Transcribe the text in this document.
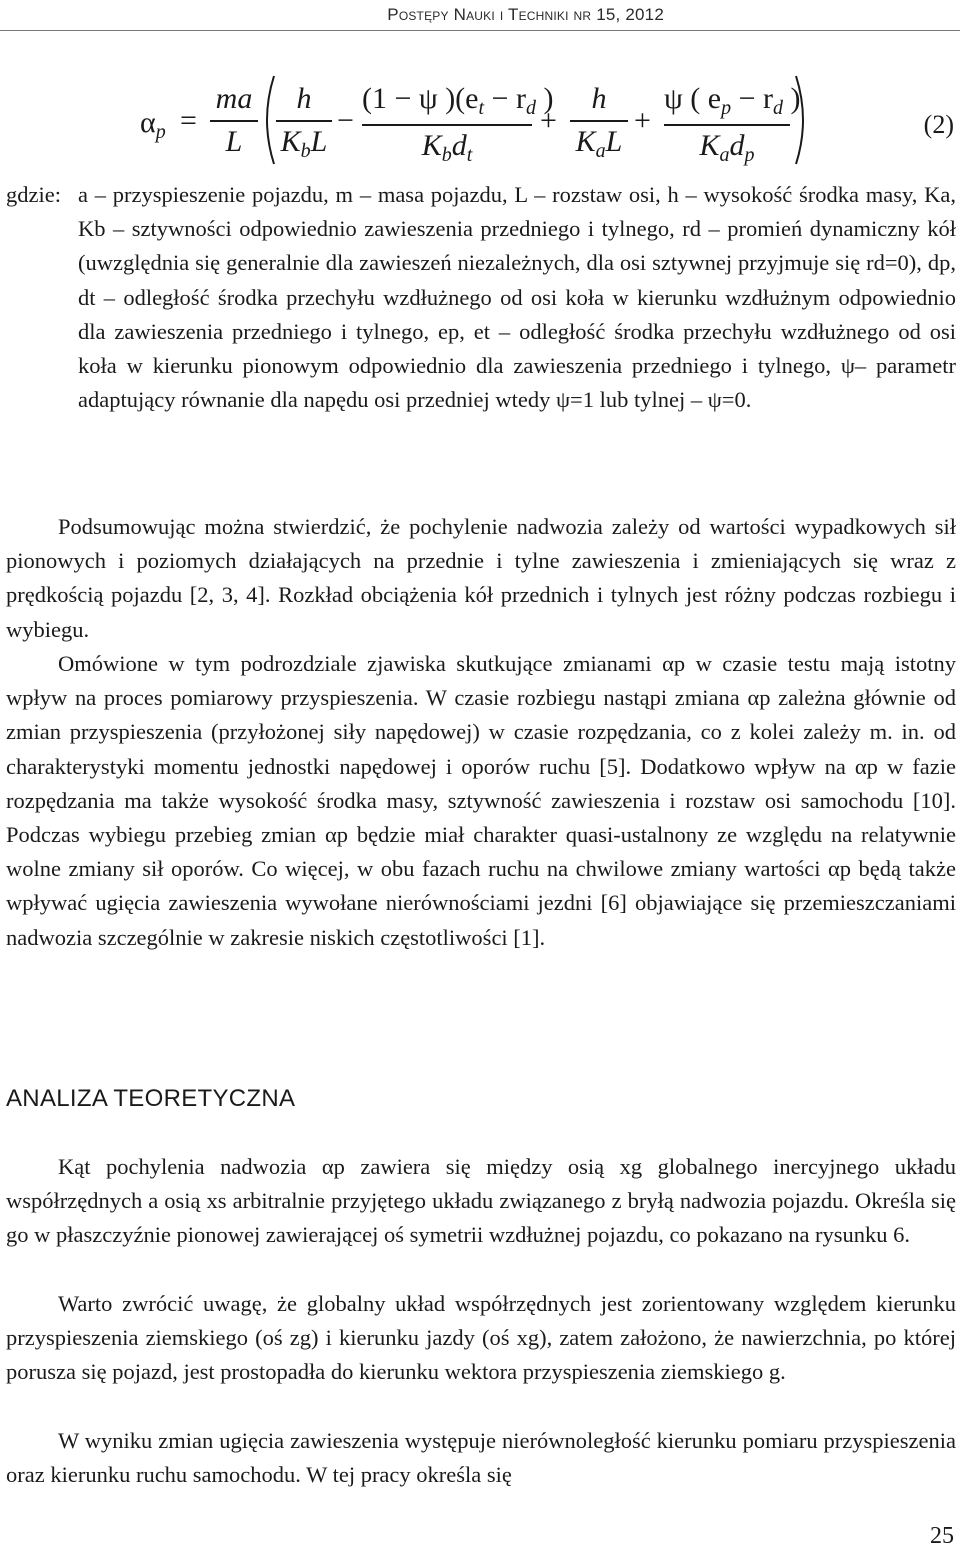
Postępy Nauki i Techniki nr 15, 2012
$\alpha_p$ =
ma
L
h
$K_bL$
−
(1 − ψ )($e_t - r_d$ )
$K_bd_t$
+
h
$K_aL$
+
ψ ( $e_p - r_d$ )
$K_ad_p$
(2)
gdzie: a – przyspieszenie pojazdu, m – masa pojazdu, L – rozstaw osi, h – wysokość środka masy, Ka, Kb – sztywności odpowiednio zawieszenia przedniego i tylnego, rd – promień dynamiczny kół (uwzględnia się generalnie dla zawieszeń niezależnych, dla osi sztywnej przyjmuje się rd=0), dp, dt – odległość środka przechyłu wzdłużnego od osi koła w kierunku wzdłużnym odpowiednio dla zawieszenia przedniego i tylnego, ep, et – odległość środka przechyłu wzdłużnego od osi koła w kierunku pionowym odpowiednio dla zawieszenia przedniego i tylnego, ψ– parametr adaptujący równanie dla napędu osi przedniej wtedy ψ=1 lub tylnej – ψ=0.
Podsumowując można stwierdzić, że pochylenie nadwozia zależy od wartości wypadkowych sił pionowych i poziomych działających na przednie i tylne zawieszenia i zmieniających się wraz z prędkością pojazdu [2, 3, 4]. Rozkład obciążenia kół przednich i tylnych jest różny podczas rozbiegu i wybiegu.
Omówione w tym podrozdziale zjawiska skutkujące zmianami αp w czasie testu mają istotny wpływ na proces pomiarowy przyspieszenia. W czasie rozbiegu nastąpi zmiana αp zależna głównie od zmian przyspieszenia (przyłożonej siły napędowej) w czasie rozpędzania, co z kolei zależy m. in. od charakterystyki momentu jednostki napędowej i oporów ruchu [5]. Dodatkowo wpływ na αp w fazie rozpędzania ma także wysokość środka masy, sztywność zawieszenia i rozstaw osi samochodu [10]. Podczas wybiegu przebieg zmian αp będzie miał charakter quasi-ustalnony ze względu na relatywnie wolne zmiany sił oporów. Co więcej, w obu fazach ruchu na chwilowe zmiany wartości αp będą także wpływać ugięcia zawieszenia wywołane nierównościami jezdni [6] objawiające się przemieszczaniami nadwozia szczególnie w zakresie niskich częstotliwości [1].
ANALIZA TEORETYCZNA
Kąt pochylenia nadwozia αp zawiera się między osią xg globalnego inercyjnego układu współrzędnych a osią xs arbitralnie przyjętego układu związanego z bryłą nadwozia pojazdu. Określa się go w płaszczyźnie pionowej zawierającej oś symetrii wzdłużnej pojazdu, co pokazano na rysunku 6.
Warto zwrócić uwagę, że globalny układ współrzędnych jest zorientowany względem kierunku przyspieszenia ziemskiego (oś zg) i kierunku jazdy (oś xg), zatem założono, że nawierzchnia, po której porusza się pojazd, jest prostopadła do kierunku wektora przyspieszenia ziemskiego g.
W wyniku zmian ugięcia zawieszenia występuje nierównoległość kierunku pomiaru przyspieszenia oraz kierunku ruchu samochodu. W tej pracy określa się
25
